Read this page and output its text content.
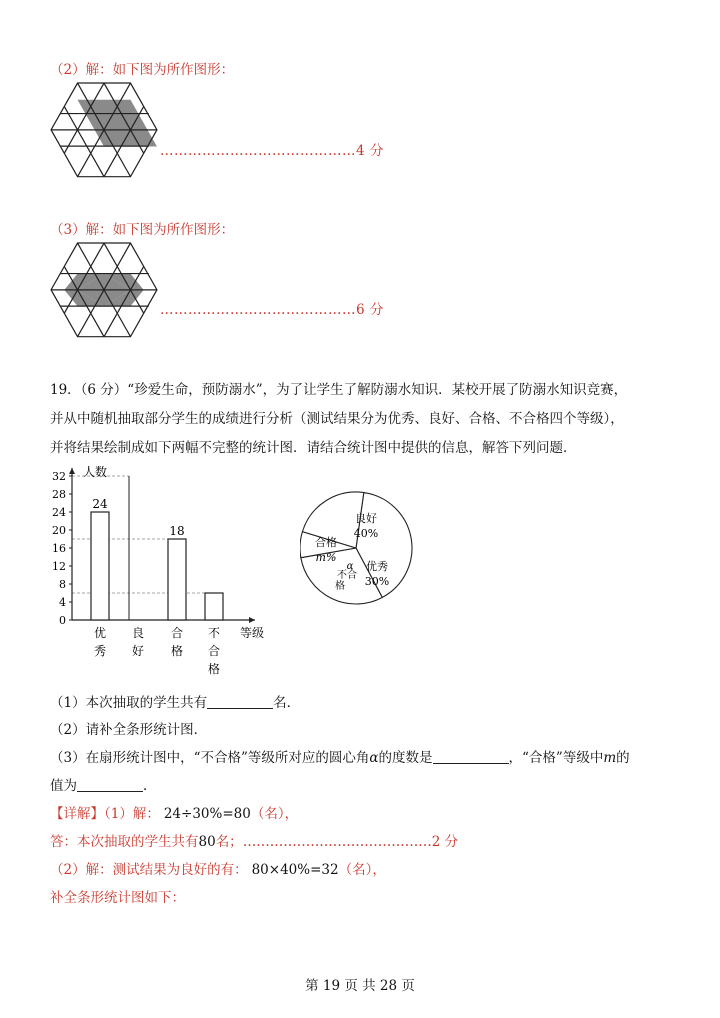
（2）解：如下图为所作图形：
……………………………………4 分
（3）解：如下图为所作图形：
……………………………………6 分
19．（6 分）“珍爱生命，预防溺水”，为了让学生了解防溺水知识．某校开展了防溺水知识竞赛，
并从中随机抽取部分学生的成绩进行分析（测试结果分为优秀、良好、合格、不合格四个等级），
并将结果绘制成如下两幅不完整的统计图．请结合统计图中提供的信息，解答下列问题．
0
4
8
12
16
20
24
28
32 人数
24
优
秀
良
好
18
合
格
不
合
格
等级
良好
40%
优秀
30%
α
不合
格
合格
m%
（1）本次抽取的学生共有	名．
（2）请补全条形统计图．
（3）在扇形统计图中，“不合格”等级所对应的圆心角α的度数是	，“合格”等级中m的
值为	．
【详解】（1）解： 24÷30%=80（名），
答：本次抽取的学生共有80名；……………………………………2 分
（2）解：测试结果为良好的有： 80×40%=32（名），
补全条形统计图如下：
第 19 页 共 28 页
